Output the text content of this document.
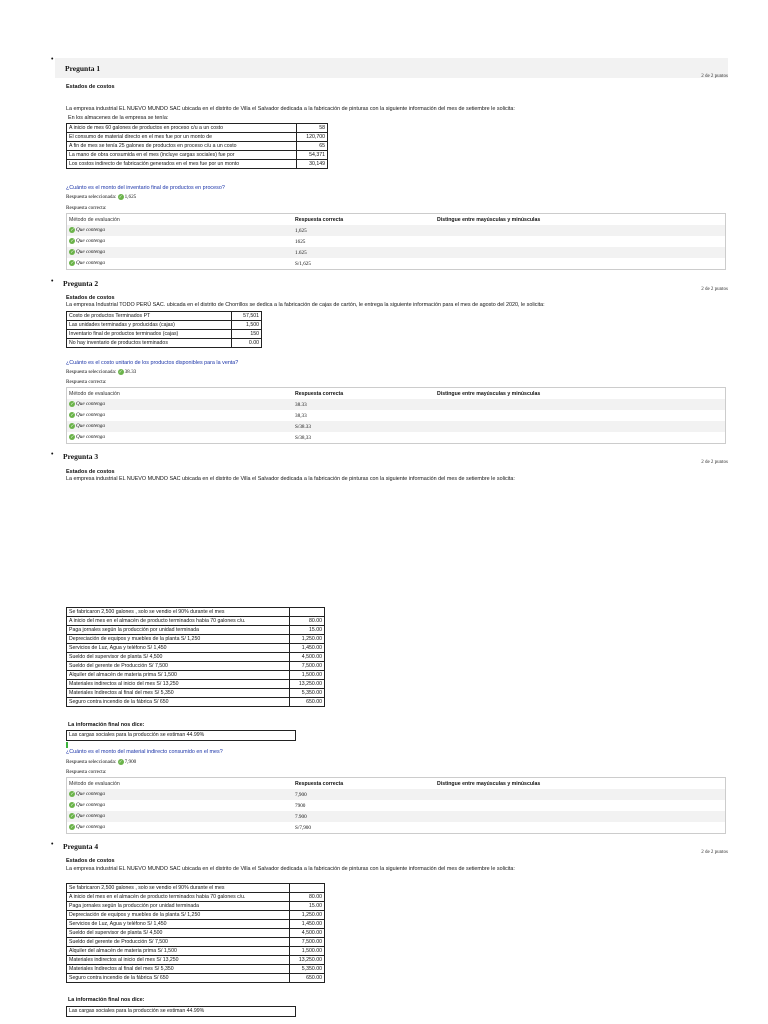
•
Pregunta 1
2 de 2 puntos
Estados de costos
La empresa industrial EL NUEVO MUNDO SAC ubicada en el distrito de Villa el Salvador dedicada a la fabricación de pinturas con la siguiente información del mes de setiembre le solicita:
En los almacenes de la empresa se tenía:
A inicio de mes 60 galones de productos en proceso c/u a un costo	58
El consumo de material directo en el mes fue por un monto de	120,700
A fin de mes se tenía 25 galones de productos en proceso c/u a un costo	65
La mano de obra consumida en el mes (incluye cargas sociales) fue por	54,371
Los costos indirecto de fabricación generados en el mes fue por un monto	30,149
¿Cuánto es el monto del inventario final de productos en proceso?
Respuesta seleccionada: ✓ 1,625
Respuesta correcta:
Método de evaluación	Respuesta correcta	Distingue entre mayúsculas y minúsculas
✓ Que contenga	1,625	
✓ Que contenga	1625	
✓ Que contenga	1.625	
✓ Que contenga	S/1,625	
• Pregunta 2
2 de 2 puntos
Estados de costos
La empresa Industrial TODO PERÚ SAC. ubicada en el distrito de Chorrillos se dedica a la fabricación de cajas de cartón, le entrega la siguiente información para el mes de agosto del 2020, le solicita:
Costo de productos Terminados PT	57,501
Las unidades terminadas y producidas (cajas)	1,500
Inventario final de productos terminados (cajas)	150
No hay inventario de productos terminados	0.00
¿Cuánto es el costo unitario de los productos disponibles para la venta?
Respuesta seleccionada: ✓ 38.33
Respuesta correcta:
Método de evaluación	Respuesta correcta	Distingue entre mayúsculas y minúsculas
✓ Que contenga	38.33	
✓ Que contenga	38,33	
✓ Que contenga	S/38.33	
✓ Que contenga	S/38,33	
• Pregunta 3
2 de 2 puntos
Estados de costos
La empresa industrial EL NUEVO MUNDO SAC ubicada en el distrito de Villa el Salvador dedicada a la fabricación de pinturas con la siguiente información del mes de setiembre le solicita:
Se fabricaron 2,500 galones , solo se vendio el 90% durante el mes	
A inicio del mes en el almacén de producto terminados habia 70 galones c/u.	80.00
Paga jornales según la producción por unidad terminada	15.00
Depreciación de equipos y muebles de la planta S/ 1,250	1,250.00
Servicios de Luz, Agua y teléfono S/ 1,450	1,450.00
Sueldo del supervisor de planta S/ 4,500	4,500.00
Sueldo del gerente de Producción S/ 7,500	7,500.00
Alquiler del almacén de materia prima S/ 1,500	1,500.00
Materiales indirectos al inicio del mes S/ 13,250	13,250.00
Materiales Indirectos al final del mes S/ 5,350	5,350.00
Seguro contra incendio de la fábrica S/ 650	650.00
La información final nos dice:
Las cargas sociales para la producción se estiman 44.99%
¿Cuánto es el monto del material indirecto consumido en el mes?
Respuesta seleccionada: ✓ 7,900
Respuesta correcta:
Método de evaluación	Respuesta correcta	Distingue entre mayúsculas y minúsculas
✓ Que contenga	7,900	
✓ Que contenga	7900	
✓ Que contenga	7.900	
✓ Que contenga	S/7,900	
• Pregunta 4
2 de 2 puntos
Estados de costos
La empresa industrial EL NUEVO MUNDO SAC ubicada en el distrito de Villa el Salvador dedicada a la fabricación de pinturas con la siguiente información del mes de setiembre le solicita:
Se fabricaron 2,500 galones , solo se vendio el 90% durante el mes	
A inicio del mes en el almacén de producto terminados habia 70 galones c/u.	80.00
Paga jornales según la producción por unidad terminada	15.00
Depreciación de equipos y muebles de la planta S/ 1,250	1,250.00
Servicios de Luz, Agua y teléfono S/ 1,450	1,450.00
Sueldo del supervisor de planta S/ 4,500	4,500.00
Sueldo del gerente de Producción S/ 7,500	7,500.00
Alquiler del almacén de materia prima S/ 1,500	1,500.00
Materiales indirectos al inicio del mes S/ 13,250	13,250.00
Materiales Indirectos al final del mes S/ 5,350	5,350.00
Seguro contra incendio de la fábrica S/ 650	650.00
La información final nos dice:
Las cargas sociales para la producción se estiman 44.99%
